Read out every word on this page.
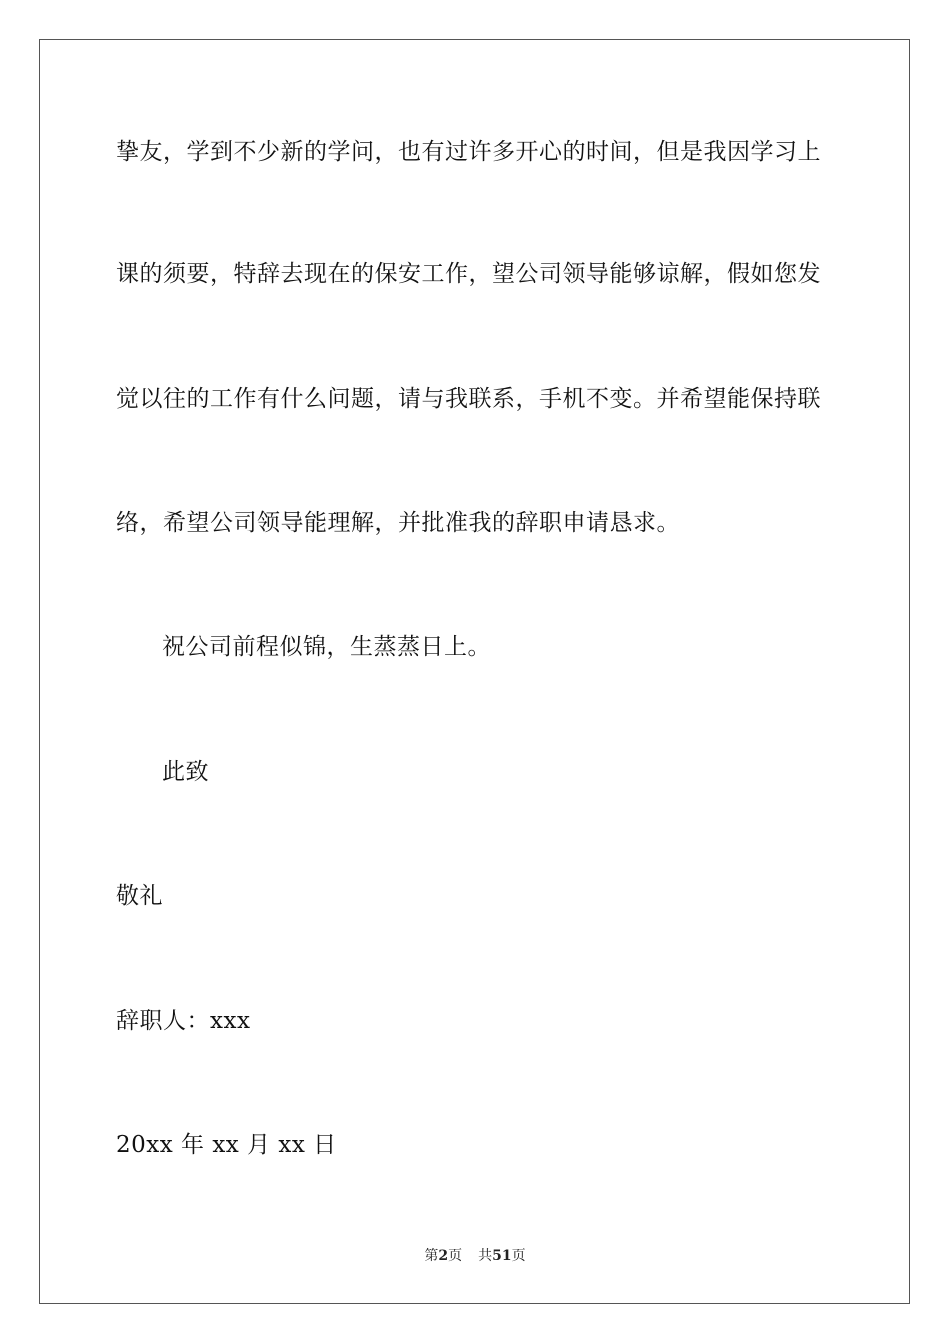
挚友，学到不少新的学问，也有过许多开心的时间，但是我因学习上
课的须要，特辞去现在的保安工作，望公司领导能够谅解，假如您发
觉以往的工作有什么问题，请与我联系，手机不变。并希望能保持联
络，希望公司领导能理解，并批准我的辞职申请恳求。
祝公司前程似锦，生蒸蒸日上。
此致
敬礼
辞职人：xxx
20xx 年 xx 月 xx 日
第2页 共51页
